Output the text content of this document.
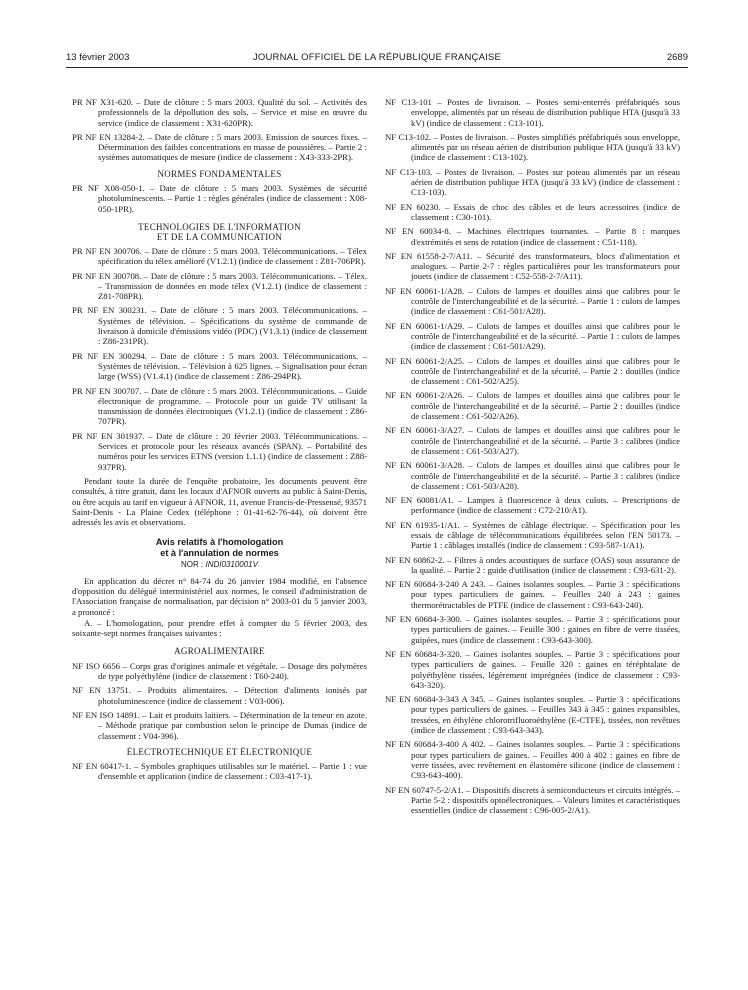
13 février 2003	JOURNAL OFFICIEL DE LA RÉPUBLIQUE FRANÇAISE	2689
PR NF X31-620. – Date de clôture : 5 mars 2003. Qualité du sol. – Activités des professionnels de la dépollution des sols. – Service et mise en œuvre du service (indice de classement : X31-620PR).
PR NF EN 13284-2. – Date de clôture : 5 mars 2003. Emission de sources fixes. – Détermination des faibles concentrations en masse de poussières. – Partie 2 : systèmes automatiques de mesure (indice de classement : X43-333-2PR).
NORMES FONDAMENTALES
PR NF X08-050-1. – Date de clôture : 5 mars 2003. Systèmes de sécurité photoluminescents. – Partie 1 : règles générales (indice de classement : X08-050-1PR).
TECHNOLOGIES DE L'INFORMATION
ET DE LA COMMUNICATION
PR NF EN 300706. – Date de clôture : 5 mars 2003. Télécommunications. – Télex spécification du télex amélioré (V1.2.1) (indice de classement : Z81-706PR).
PR NF EN 300708. – Date de clôture : 5 mars 2003. Télécommunications. – Télex. – Transmission de données en mode télex (V1.2.1) (indice de classement : Z81-708PR).
PR NF EN 300231. – Date de clôture : 5 mars 2003. Télécommunications. – Systèmes de télévision. – Spécifications du système de commande de livraison à domicile d'émissions vidéo (PDC) (V1.3.1) (indice de classement : Z86-231PR).
PR NF EN 300294. – Date de clôture : 5 mars 2003. Télécommunications. – Systèmes de télévision. – Télévision à 625 lignes. – Signalisation pour écran large (WSS) (V1.4.1) (indice de classement : Z86-294PR).
PR NF EN 300707. – Date de clôture : 5 mars 2003. Télécommunications. – Guide électronique de programme. – Protocole pour un guide TV utilisant la transmission de données électroniques (V1.2.1) (indice de classement : Z86-707PR).
PR NF EN 301937. – Date de clôture : 20 février 2003. Télécommunications. – Services et protocole pour les réseaux avancés (SPAN). – Portabilité des numéros pour les services ETNS (version 1.1.1) (indice de classement : Z88-937PR).
Pendant toute la durée de l'enquête probatoire, les documents peuvent être consultés, à titre gratuit, dans les locaux d'AFNOR ouverts au public à Saint-Denis, ou être acquis au tarif en vigueur à AFNOR, 11, avenue Francis-de-Pressensé, 93571 Saint-Denis - La Plaine Cedex (téléphone : 01-41-62-76-44), où doivent être adressés les avis et observations.
Avis relatifs à l'homologation
et à l'annulation de normes
NOR : INDI0310001V
En application du décret n° 84-74 du 26 janvier 1984 modifié, en l'absence d'opposition du délégué interministériel aux normes, le conseil d'administration de l'Association française de normalisation, par décision n° 2003-01 du 5 janvier 2003, a prononcé :
A. – L'homologation, pour prendre effet à compter du 5 février 2003, des soixante-sept normes françaises suivantes :
AGROALIMENTAIRE
NF ISO 6656 – Corps gras d'origines animale et végétale. – Dosage des polymères de type polyéthylène (indice de classement : T60-240).
NF EN 13751. – Produits alimentaires. – Détection d'aliments ionisés par photoluminescence (indice de classement : V03-006).
NF EN ISO 14891. – Lait et produits laitiers. – Détermination de la teneur en azote. – Méthode pratique par combustion selon le principe de Dumas (indice de classement : V04-396).
ÉLECTROTECHNIQUE ET ÉLECTRONIQUE
NF EN 60417-1. – Symboles graphiques utilisables sur le matériel. – Partie 1 : vue d'ensemble et application (indice de classement : C03-417-1).
NF C13-101 – Postes de livraison. – Postes semi-enterrés préfabriqués sous enveloppe, alimentés par un réseau de distribution publique HTA (jusqu'à 33 kV) (indice de classement : C13-101).
NF C13-102. – Postes de livraison. – Postes simplifiés préfabriqués sous enveloppe, alimentés par un réseau aérien de distribution publique HTA (jusqu'à 33 kV) (indice de classement : C13-102).
NF C13-103. – Postes de livraison. – Postes sur poteau alimentés par un réseau aérien de distribution publique HTA (jusqu'à 33 kV) (indice de classement : C13-103).
NF EN 60230. – Essais de choc des câbles et de leurs accessoires (indice de classement : C30-101).
NF EN 60034-8. – Machines électriques tournantes. – Partie 8 : marques d'extrémités et sens de rotation (indice de classement : C51-118).
NF EN 61558-2-7/A11. – Sécurité des transformateurs, blocs d'alimentation et analogues. – Partie 2-7 : règles particulières pour les transformateurs pour jouets (indice de classement : C52-558-2-7/A11).
NF EN 60061-1/A28. – Culots de lampes et douilles ainsi que calibres pour le contrôle de l'interchangeabilité et de la sécurité. – Partie 1 : culots de lampes (indice de classement : C61-501/A28).
NF EN 60061-1/A29. – Culots de lampes et douilles ainsi que calibres pour le contrôle de l'interchangeabilité et de la sécurité. – Partie 1 : culots de lampes (indice de classement : C61-501/A29).
NF EN 60061-2/A25. – Culots de lampes et douilles ainsi que calibres pour le contrôle de l'interchangeabilité et de la sécurité. – Partie 2 : douilles (indice de classement : C61-502/A25).
NF EN 60061-2/A26. – Culots de lampes et douilles ainsi que calibres pour le contrôle de l'interchangeabilité et de la sécurité. – Partie 2 : douilles (indice de classement : C61-502/A26).
NF EN 60061-3/A27. – Culots de lampes et douilles ainsi que calibres pour le contrôle de l'interchangeabilité et de la sécurité. – Partie 3 : calibres (indice de classement : C61-503/A27).
NF EN 60061-3/A28. – Culots de lampes et douilles ainsi que calibres pour le contrôle de l'interchangeabilité et de la sécurité. – Partie 3 : calibres (indice de classement : C61-503/A28).
NF EN 60081/A1. – Lampes à fluorescence à deux culots. – Prescriptions de performance (indice de classement : C72-210/A1).
NF EN 61935-1/A1. – Systèmes de câblage électrique. – Spécification pour les essais de câblage de télécommunications équilibrées selon l'EN 50173. – Partie 1 : câblages installés (indice de classement : C93-587-1/A1).
NF EN 60862-2. – Filtres à ondes acoustiques de surface (OAS) sous assurance de la qualité. – Partie 2 : guide d'utilisation (indice de classement : C93-631-2).
NF EN 60684-3-240 A 243. – Gaines isolantes souples. – Partie 3 : spécifications pour types particuliers de gaines. – Feuilles 240 à 243 : gaines thermorétractables de PTFE (indice de classement : C93-643-240).
NF EN 60684-3-300. – Gaines isolantes souples. – Partie 3 : spécifications pour types particuliers de gaines. – Feuille 300 : gaines en fibre de verre tissées, guipées, nues (indice de classement : C93-643-300).
NF EN 60684-3-320. – Gaines isolantes souples. – Partie 3 : spécifications pour types particuliers de gaines. – Feuille 320 : gaines en téréphtalate de polyéthylène tissées, légèrement imprégnées (indice de classement : C93-643-320).
NF EN 60684-3-343 A 345. – Gaines isolantes souples. – Partie 3 : spécifications pour types particuliers de gaines. – Feuilles 343 à 345 : gaines expansibles, tressées, en éthylène chlorotrifluoroéthylène (E-CTFE), tissées, non revêtues (indice de classement : C93-643-343).
NF EN 60684-3-400 A 402. – Gaines isolantes souples. – Partie 3 : spécifications pour types particuliers de gaines. – Feuilles 400 à 402 : gaines en fibre de verre tissées, avec revêtement en élastomère silicone (indice de classement : C93-643-400).
NF EN 60747-5-2/A1. – Dispositifs discrets à semiconducteurs et circuits intégrés. – Partie 5-2 : dispositifs optoélectroniques. – Valeurs limites et caractéristiques essentielles (indice de classement : C96-005-2/A1).
